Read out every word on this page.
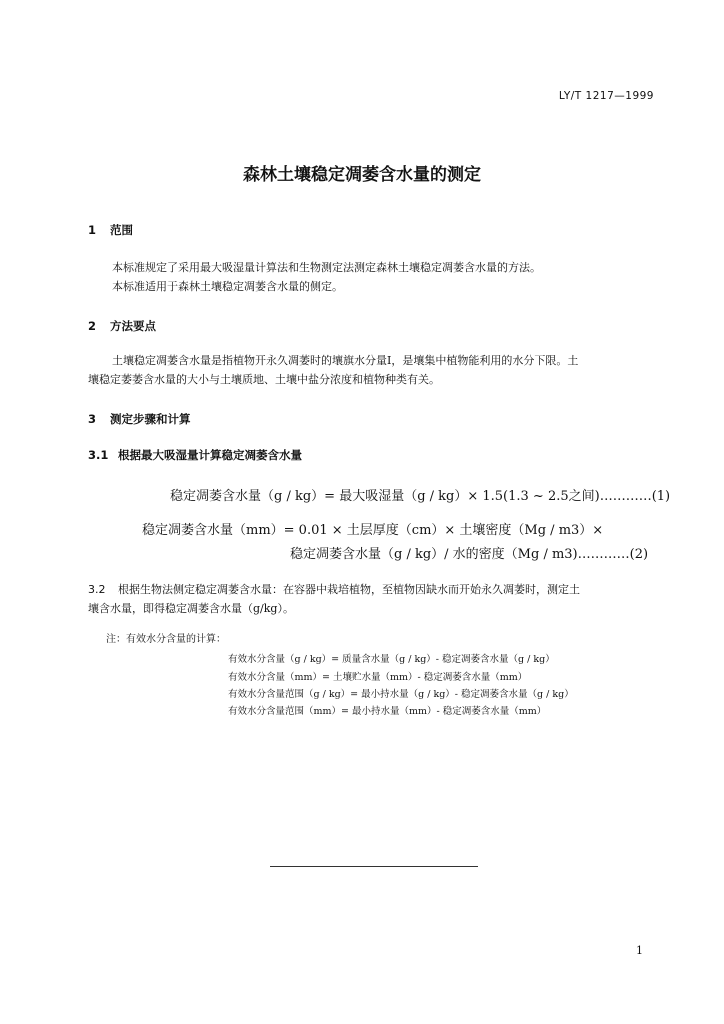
LY/T 1217—1999
森林土壤稳定凋萎含水量的测定
1 范围
本标准规定了采用最大吸湿量计算法和生物测定法测定森林土壤稳定凋萎含水量的方法。
本标准适用于森林土壤稳定凋萎含水量的侧定。
2 方法要点
土壤稳定凋萎含水量是指植物开永久凋萎时的壤旗水分量I，是壤集中植物能利用的水分下限。土
壤稳定萎萎含水量的大小与土壤质地、土壤中盐分浓度和植物种类有关。
3 测定步骤和计算
3.1 根据最大吸湿量计算稳定凋萎含水量
稳定凋萎含水量（g / kg）= 最大吸湿量（g / kg）× 1.5(1.3 ~ 2.5之间)…………(1)
稳定凋萎含水量（mm）= 0.01 × 土层厚度（cm）× 土壤密度（Mg / m3）×
稳定凋萎含水量（g / kg）/ 水的密度（Mg / m3)…………(2)
3.2 根据生物法侧定稳定凋萎含水量：在容器中栽培植物，至植物因缺水而开始永久凋萎时，测定土
壤含水量，即得稳定凋萎含水量（g/kg）。
注：有效水分含量的计算：
有效水分含量（g / kg）= 质量含水量（g / kg）- 稳定凋萎含水量（g / kg）
有效水分含量（mm）= 土壤贮水量（mm）- 稳定凋萎含水量（mm）
有效水分含量范围（g / kg）= 最小持水量（g / kg）- 稳定凋萎含水量（g / kg）
有效水分含量范围（mm）= 最小持水量（mm）- 稳定凋萎含水量（mm）
1
